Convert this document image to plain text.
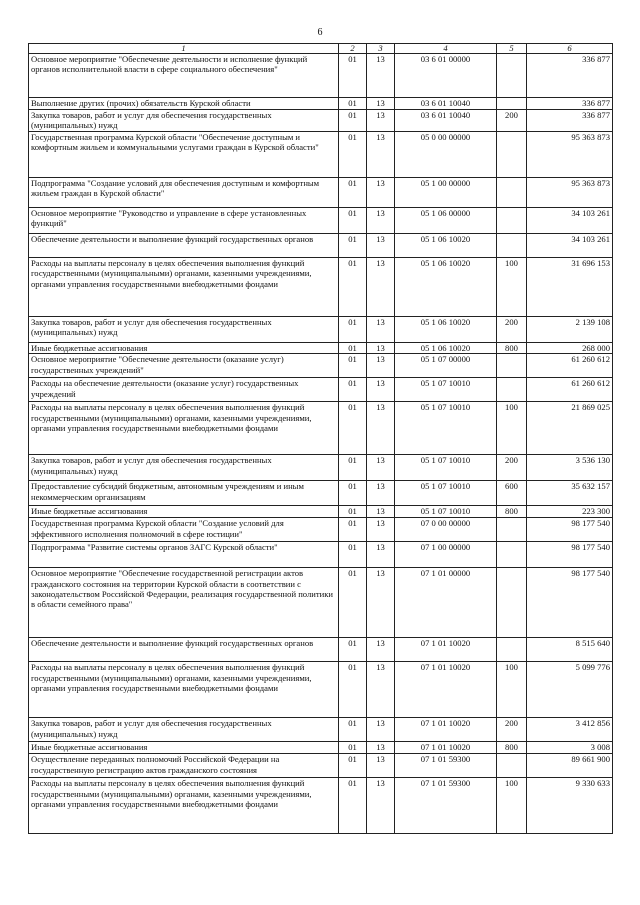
6
1	2	3	4	5	6
Основное мероприятие "Обеспечение деятельности и исполнение функций органов исполнительной власти в сфере социального обеспечения"	01	13	03 6 01 00000		336 877
Выполнение других (прочих) обязательств Курской области	01	13	03 6 01 10040		336 877
Закупка товаров, работ и услуг для обеспечения государственных (муниципальных) нужд	01	13	03 6 01 10040	200	336 877
Государственная программа Курской области "Обеспечение доступным и комфортным жильем и коммунальными услугами граждан в Курской области"	01	13	05 0 00 00000		95 363 873
Подпрограмма "Создание условий для обеспечения доступным и комфортным жильем граждан в Курской области"	01	13	05 1 00 00000		95 363 873
Основное мероприятие "Руководство и управление в сфере установленных функций"	01	13	05 1 06 00000		34 103 261
Обеспечение деятельности и выполнение функций государственных органов	01	13	05 1 06 10020		34 103 261
Расходы на выплаты персоналу в целях обеспечения выполнения функций государственными (муниципальными) органами, казенными учреждениями, органами управления государственными внебюджетными фондами	01	13	05 1 06 10020	100	31 696 153
Закупка товаров, работ и услуг для обеспечения государственных (муниципальных) нужд	01	13	05 1 06 10020	200	2 139 108
Иные бюджетные ассигнования	01	13	05 1 06 10020	800	268 000
Основное мероприятие "Обеспечение деятельности (оказание услуг) государственных учреждений"	01	13	05 1 07 00000		61 260 612
Расходы на обеспечение деятельности (оказание услуг) государственных учреждений	01	13	05 1 07 10010		61 260 612
Расходы на выплаты персоналу в целях обеспечения выполнения функций государственными (муниципальными) органами, казенными учреждениями, органами управления государственными внебюджетными фондами	01	13	05 1 07 10010	100	21 869 025
Закупка товаров, работ и услуг для обеспечения государственных (муниципальных) нужд	01	13	05 1 07 10010	200	3 536 130
Предоставление субсидий бюджетным, автономным учреждениям и иным некоммерческим организациям	01	13	05 1 07 10010	600	35 632 157
Иные бюджетные ассигнования	01	13	05 1 07 10010	800	223 300
Государственная программа Курской области "Создание условий для эффективного исполнения полномочий в сфере юстиции"	01	13	07 0 00 00000		98 177 540
Подпрограмма "Развитие системы органов ЗАГС Курской области"	01	13	07 1 00 00000		98 177 540
Основное мероприятие "Обеспечение государственной регистрации актов гражданского состояния на территории Курской области в соответствии с законодательством Российской Федерации, реализация государственной политики в области семейного права"	01	13	07 1 01 00000		98 177 540
Обеспечение деятельности и выполнение функций государственных органов	01	13	07 1 01 10020		8 515 640
Расходы на выплаты персоналу в целях обеспечения выполнения функций государственными (муниципальными) органами, казенными учреждениями, органами управления государственными внебюджетными фондами	01	13	07 1 01 10020	100	5 099 776
Закупка товаров, работ и услуг для обеспечения государственных (муниципальных) нужд	01	13	07 1 01 10020	200	3 412 856
Иные бюджетные ассигнования	01	13	07 1 01 10020	800	3 008
Осуществление переданных полномочий Российской Федерации на государственную регистрацию актов гражданского состояния	01	13	07 1 01 59300		89 661 900
Расходы на выплаты персоналу в целях обеспечения выполнения функций государственными (муниципальными) органами, казенными учреждениями, органами управления государственными внебюджетными фондами	01	13	07 1 01 59300	100	9 330 633
